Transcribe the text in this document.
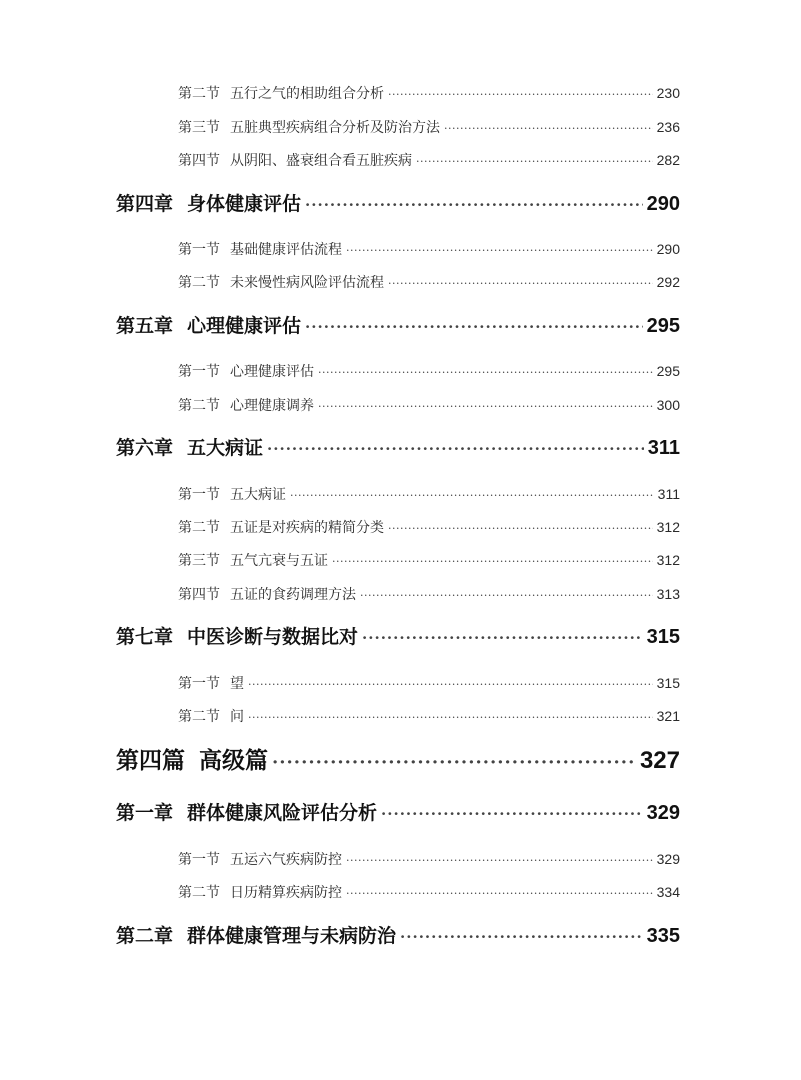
第二节 五行之气的相助组合分析 ·····	230
第三节 五脏典型疾病组合分析及防治方法 ·····	236
第四节 从阴阳、盛衰组合看五脏疾病 ·····	282
第四章 身体健康评估 ·····	290
第一节 基础健康评估流程 ·····	290
第二节 未来慢性病风险评估流程 ·····	292
第五章 心理健康评估 ·····	295
第一节 心理健康评估 ·····	295
第二节 心理健康调养 ·····	300
第六章 五大病证 ·····	311
第一节 五大病证 ·····	311
第二节 五证是对疾病的精简分类 ·····	312
第三节 五气亢衰与五证 ·····	312
第四节 五证的食药调理方法 ·····	313
第七章 中医诊断与数据比对 ·····	315
第一节 望 ·····	315
第二节 问 ·····	321
第四篇 高级篇 ·····	327
第一章 群体健康风险评估分析 ·····	329
第一节 五运六气疾病防控 ·····	329
第二节 日历精算疾病防控 ·····	334
第二章 群体健康管理与未病防治 ·····	335
